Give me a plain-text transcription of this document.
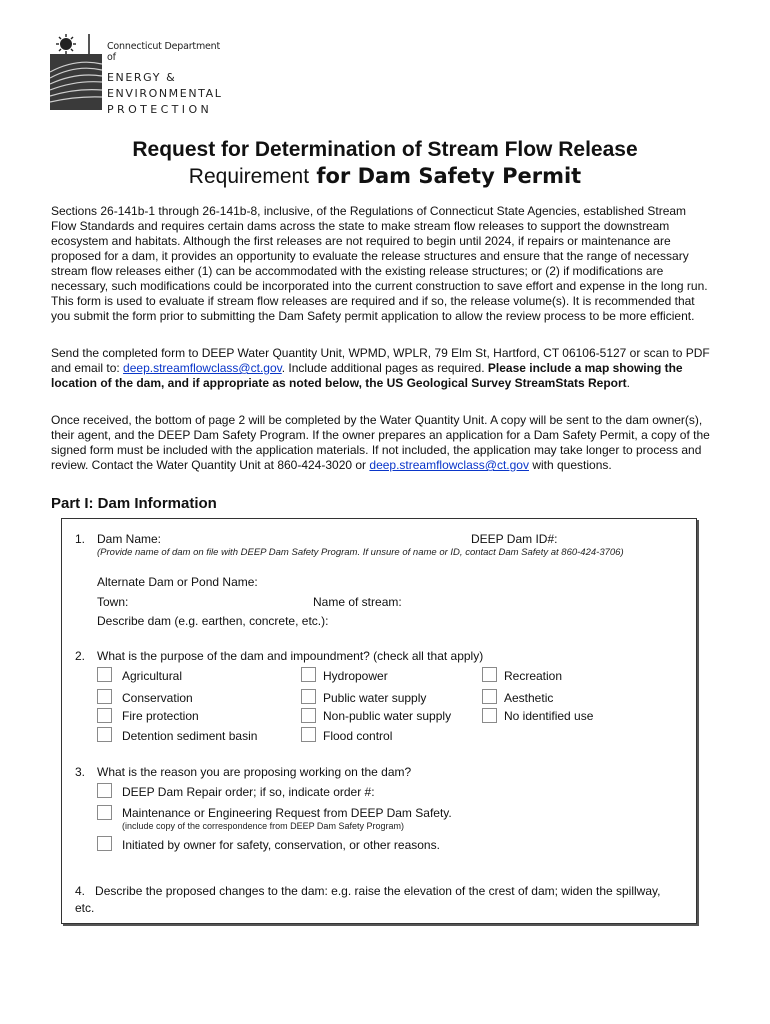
Connecticut Department of
ENERGY &
ENVIRONMENTAL
PROTECTION
Request for Determination of Stream Flow Release
Requirement for Dam Safety Permit

Sections 26-141b-1 through 26-141b-8, inclusive, of the Regulations of Connecticut State Agencies, established Stream Flow Standards and requires certain dams across the state to make stream flow releases to support the downstream ecosystem and habitats. Although the first releases are not required to begin until 2024, if repairs or maintenance are proposed for a dam, it provides an opportunity to evaluate the release structures and ensure that the range of necessary stream flow releases either (1) can be accommodated with the existing release structures; or (2) if modifications are necessary, such modifications could be incorporated into the current construction to save effort and expense in the long run. This form is used to evaluate if stream flow releases are required and if so, the release volume(s). It is recommended that you submit the form prior to submitting the Dam Safety permit application to allow the review process to be more efficient.

Send the completed form to DEEP Water Quantity Unit, WPMD, WPLR, 79 Elm St, Hartford, CT 06106-5127 or scan to PDF and email to: deep.streamflowclass@ct.gov. Include additional pages as required. Please include a map showing the location of the dam, and if appropriate as noted below, the US Geological Survey StreamStats Report.

Once received, the bottom of page 2 will be completed by the Water Quantity Unit. A copy will be sent to the dam owner(s), their agent, and the DEEP Dam Safety Program. If the owner prepares an application for a Dam Safety Permit, a copy of the signed form must be included with the application materials. If not included, the application may take longer to process and review. Contact the Water Quantity Unit at 860-424-3020 or deep.streamflowclass@ct.gov with questions.

Part I: Dam Information
1. Dam Name:	DEEP Dam ID#:
(Provide name of dam on file with DEEP Dam Safety Program. If unsure of name or ID, contact Dam Safety at 860-424-3706)
Alternate Dam or Pond Name:
Town:	Name of stream:
Describe dam (e.g. earthen, concrete, etc.):
2. What is the purpose of the dam and impoundment? (check all that apply)
Agricultural
Conservation
Fire protection
Detention sediment basin
Hydropower
Public water supply
Non-public water supply
Flood control
Recreation
Aesthetic
No identified use
3. What is the reason you are proposing working on the dam?
DEEP Dam Repair order; if so, indicate order #:
Maintenance or Engineering Request from DEEP Dam Safety.
(include copy of the correspondence from DEEP Dam Safety Program)
Initiated by owner for safety, conservation, or other reasons.
4. Describe the proposed changes to the dam: e.g. raise the elevation of the crest of dam; widen the spillway, etc.
